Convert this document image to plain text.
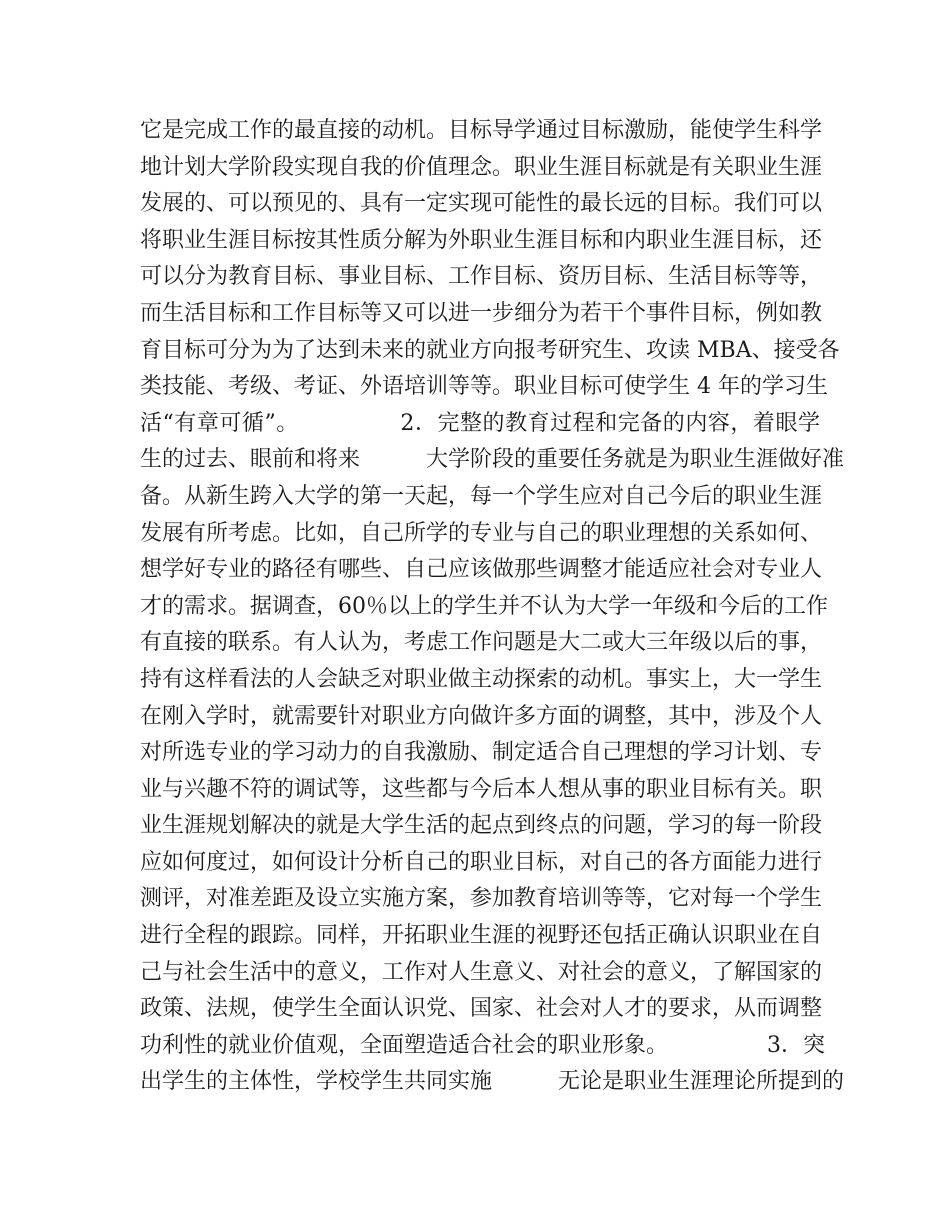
它是完成工作的最直接的动机。目标导学通过目标激励，能使学生科学
地计划大学阶段实现自我的价值理念。职业生涯目标就是有关职业生涯
发展的、可以预见的、具有一定实现可能性的最长远的目标。我们可以
将职业生涯目标按其性质分解为外职业生涯目标和内职业生涯目标，还
可以分为教育目标、事业目标、工作目标、资历目标、生活目标等等，
而生活目标和工作目标等又可以进一步细分为若干个事件目标，例如教
育目标可分为为了达到未来的就业方向报考研究生、攻读 MBA、接受各
类技能、考级、考证、外语培训等等。职业目标可使学生 4 年的学习生
活“有章可循”。　　　　　2．完整的教育过程和完备的内容，着眼学
生的过去、眼前和将来　　　大学阶段的重要任务就是为职业生涯做好准
备。从新生跨入大学的第一天起，每一个学生应对自己今后的职业生涯
发展有所考虑。比如，自己所学的专业与自己的职业理想的关系如何、
想学好专业的路径有哪些、自己应该做那些调整才能适应社会对专业人
才的需求。据调查，60％以上的学生并不认为大学一年级和今后的工作
有直接的联系。有人认为，考虑工作问题是大二或大三年级以后的事，
持有这样看法的人会缺乏对职业做主动探索的动机。事实上，大一学生
在刚入学时，就需要针对职业方向做许多方面的调整，其中，涉及个人
对所选专业的学习动力的自我激励、制定适合自己理想的学习计划、专
业与兴趣不符的调试等，这些都与今后本人想从事的职业目标有关。职
业生涯规划解决的就是大学生活的起点到终点的问题，学习的每一阶段
应如何度过，如何设计分析自己的职业目标，对自己的各方面能力进行
测评，对准差距及设立实施方案，参加教育培训等等，它对每一个学生
进行全程的跟踪。同样，开拓职业生涯的视野还包括正确认识职业在自
己与社会生活中的意义，工作对人生意义、对社会的意义，了解国家的
政策、法规，使学生全面认识党、国家、社会对人才的要求，从而调整
功利性的就业价值观，全面塑造适合社会的职业形象。　　　　　3．突
出学生的主体性，学校学生共同实施　　　无论是职业生涯理论所提到的
